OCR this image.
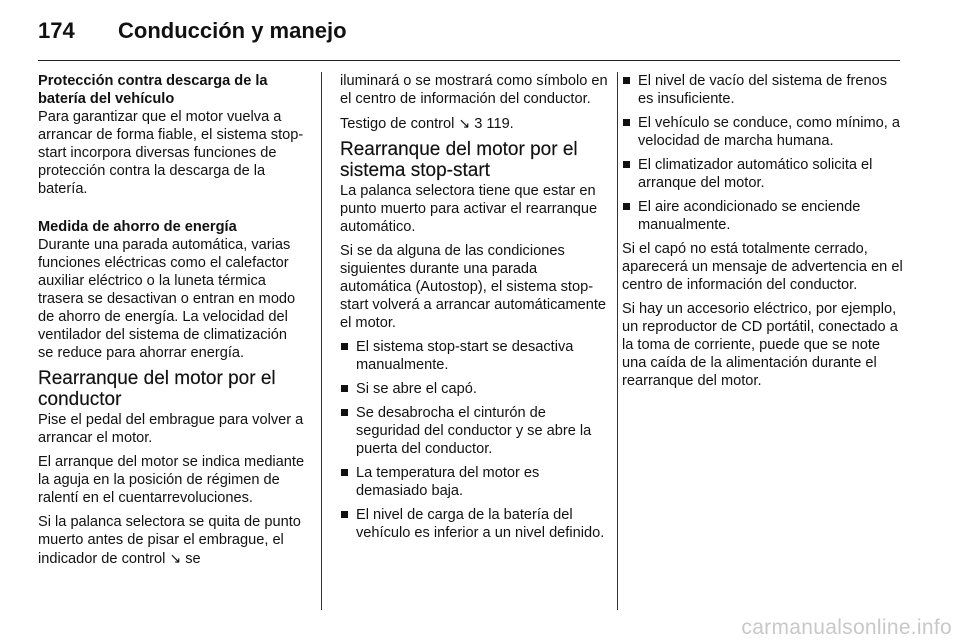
174 Conducción y manejo

Protección contra descarga de la batería del vehículo

Para garantizar que el motor vuelva a arrancar de forma fiable, el sistema stop-start incorpora diversas funciones de protección contra la descarga de la batería.

Medida de ahorro de energía

Durante una parada automática, varias funciones eléctricas como el calefactor auxiliar eléctrico o la luneta térmica trasera se desactivan o entran en modo de ahorro de energía. La velocidad del ventilador del sistema de climatización se reduce para ahorrar energía.

Rearranque del motor por el conductor

Pise el pedal del embrague para volver a arrancar el motor.

El arranque del motor se indica mediante la aguja en la posición de régimen de ralentí en el cuentarrevoluciones.

Si la palanca selectora se quita de punto muerto antes de pisar el embrague, el indicador de control ↘ se

iluminará o se mostrará como símbolo en el centro de información del conductor.

Testigo de control ↘ 3 119.

Rearranque del motor por el sistema stop-start

La palanca selectora tiene que estar en punto muerto para activar el rearranque automático.

Si se da alguna de las condiciones siguientes durante una parada automática (Autostop), el sistema stop-start volverá a arrancar automáticamente el motor.

El sistema stop-start se desactiva manualmente.
Si se abre el capó.
Se desabrocha el cinturón de seguridad del conductor y se abre la puerta del conductor.
La temperatura del motor es demasiado baja.
El nivel de carga de la batería del vehículo es inferior a un nivel definido.
El nivel de vacío del sistema de frenos es insuficiente.
El vehículo se conduce, como mínimo, a velocidad de marcha humana.
El climatizador automático solicita el arranque del motor.
El aire acondicionado se enciende manualmente.

Si el capó no está totalmente cerrado, aparecerá un mensaje de advertencia en el centro de información del conductor.

Si hay un accesorio eléctrico, por ejemplo, un reproductor de CD portátil, conectado a la toma de corriente, puede que se note una caída de la alimentación durante el rearranque del motor.

carmanualsonline.info
